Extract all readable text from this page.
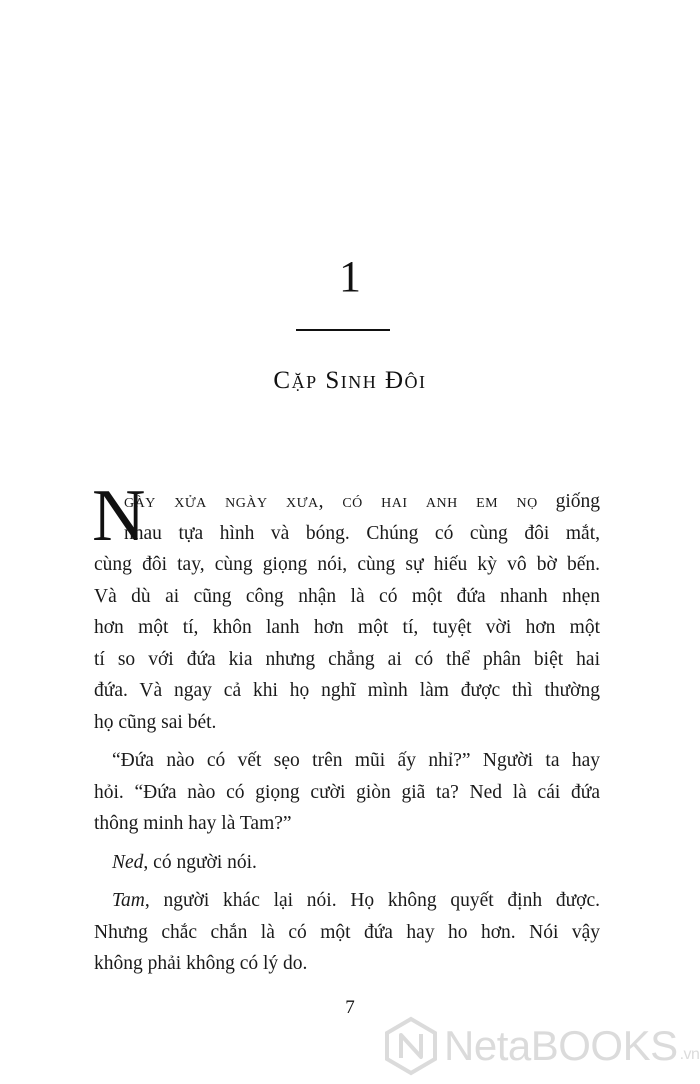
1
Cặp Sinh Đôi
N
gày xửa ngày xưa, có hai anh em nọ giống
nhau tựa hình và bóng. Chúng có cùng đôi mắt,
cùng đôi tay, cùng giọng nói, cùng sự hiếu kỳ vô bờ bến.
Và dù ai cũng công nhận là có một đứa nhanh nhẹn
hơn một tí, khôn lanh hơn một tí, tuyệt vời hơn một
tí so với đứa kia nhưng chẳng ai có thể phân biệt hai
đứa. Và ngay cả khi họ nghĩ mình làm được thì thường
họ cũng sai bét.
“Đứa nào có vết sẹo trên mũi ấy nhỉ?” Người ta hay
hỏi. “Đứa nào có giọng cười giòn giã ta? Ned là cái đứa
thông minh hay là Tam?”
Ned, có người nói.
Tam, người khác lại nói. Họ không quyết định được.
Nhưng chắc chắn là có một đứa hay ho hơn. Nói vậy
không phải không có lý do.
7
NetaBOOKS .vn
